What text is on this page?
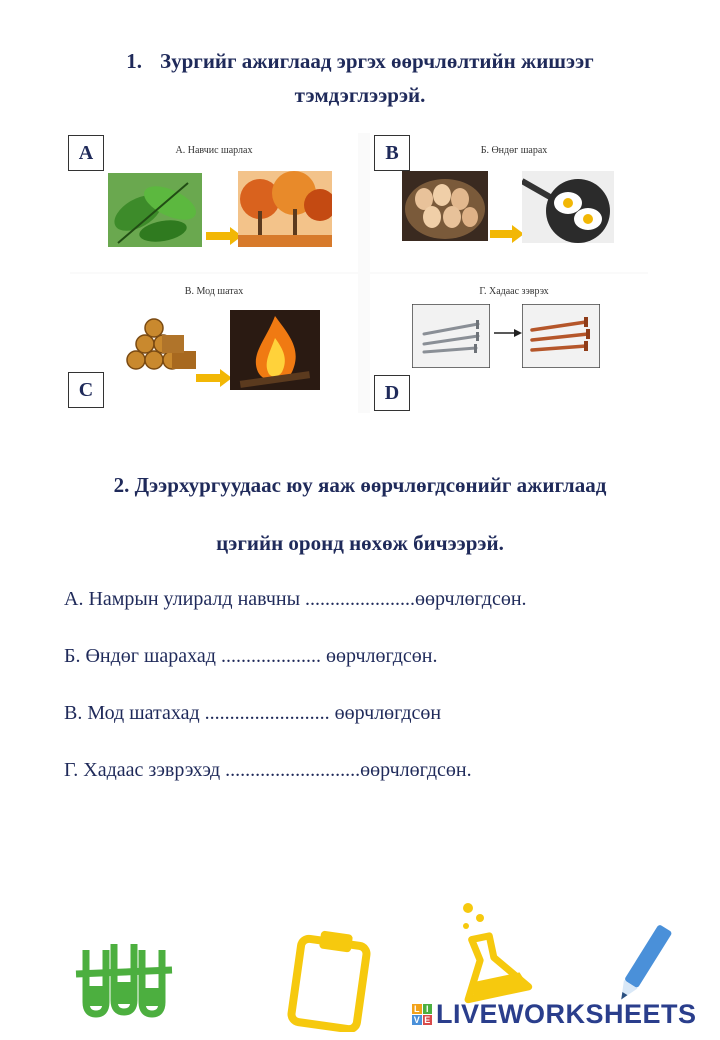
1. Зургийг ажиглаад эргэх өөрчлөлтийн жишээг
тэмдэглээрэй.
А. Навчис шарлах	Б. Өндөг шарах
В. Мод шатах	Г. Хадаас зэврэх
A	B
C	D
2. Дээрхургуудаас юу яаж өөрчлөгдсөнийг ажиглаад
цэгийн оронд нөхөж бичээрэй.
А. Намрын улиралд навчны ......................өөрчлөгдсөн.
Б. Өндөг шарахад .................... өөрчлөгдсөн.
В. Мод шатахад ......................... өөрчлөгдсөн
Г. Хадаас зэврэхэд ...........................өөрчлөгдсөн.
L I
V E LIVEWORKSHEETS
